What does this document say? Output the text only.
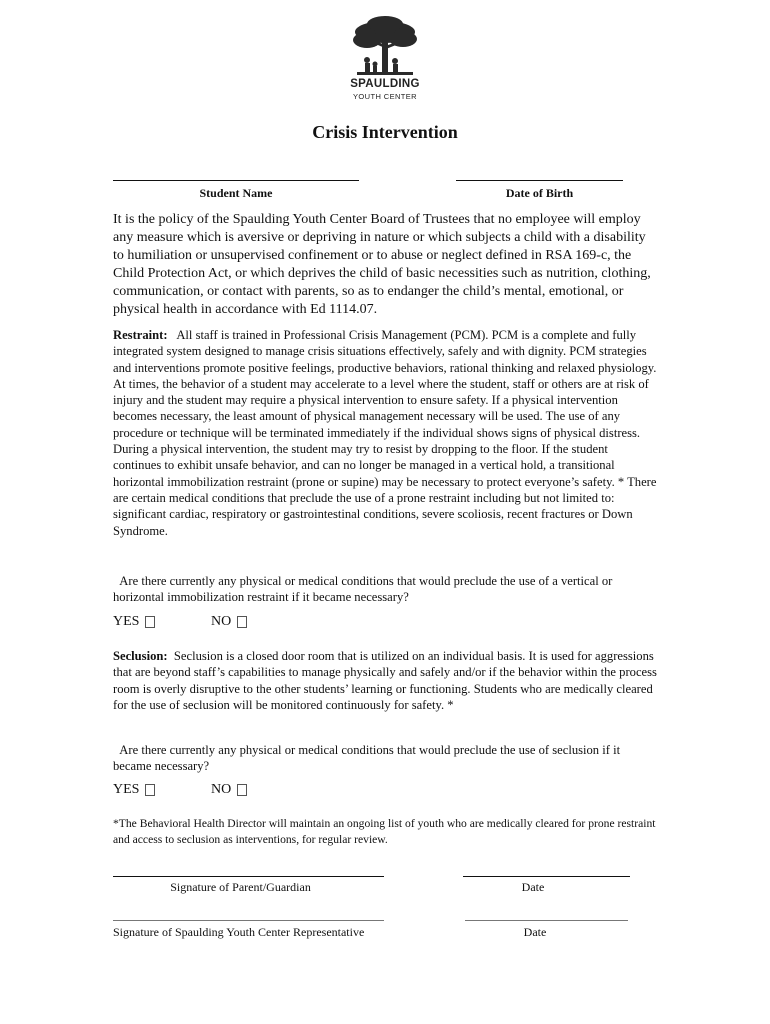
SPAULDING
YOUTH CENTER
Crisis Intervention
Student Name	Date of Birth
It is the policy of the Spaulding Youth Center Board of Trustees that no employee will employ any measure which is aversive or depriving in nature or which subjects a child with a disability to humiliation or unsupervised confinement or to abuse or neglect defined in RSA 169-c, the Child Protection Act, or which deprives the child of basic necessities such as nutrition, clothing, communication, or contact with parents, so as to endanger the child’s mental, emotional, or physical health in accordance with Ed 1114.07.
Restraint: All staff is trained in Professional Crisis Management (PCM). PCM is a complete and fully integrated system designed to manage crisis situations effectively, safely and with dignity. PCM strategies and interventions promote positive feelings, productive behaviors, rational thinking and relaxed physiology. At times, the behavior of a student may accelerate to a level where the student, staff or others are at risk of injury and the student may require a physical intervention to ensure safety. If a physical intervention becomes necessary, the least amount of physical management necessary will be used. The use of any procedure or technique will be terminated immediately if the individual shows signs of physical distress. During a physical intervention, the student may try to resist by dropping to the floor. If the student continues to exhibit unsafe behavior, and can no longer be managed in a vertical hold, a transitional horizontal immobilization restraint (prone or supine) may be necessary to protect everyone’s safety. * There are certain medical conditions that preclude the use of a prone restraint including but not limited to: significant cardiac, respiratory or gastrointestinal conditions, severe scoliosis, recent fractures or Down Syndrome.
Are there currently any physical or medical conditions that would preclude the use of a vertical or horizontal immobilization restraint if it became necessary?
YES	NO
Seclusion: Seclusion is a closed door room that is utilized on an individual basis. It is used for aggressions that are beyond staff’s capabilities to manage physically and safely and/or if the behavior within the process room is overly disruptive to the other students’ learning or functioning. Students who are medically cleared for the use of seclusion will be monitored continuously for safety. *
Are there currently any physical or medical conditions that would preclude the use of seclusion if it became necessary?
YES	NO
*The Behavioral Health Director will maintain an ongoing list of youth who are medically cleared for prone restraint and access to seclusion as interventions, for regular review.
Signature of Parent/Guardian	Date
Signature of Spaulding Youth Center Representative	Date
